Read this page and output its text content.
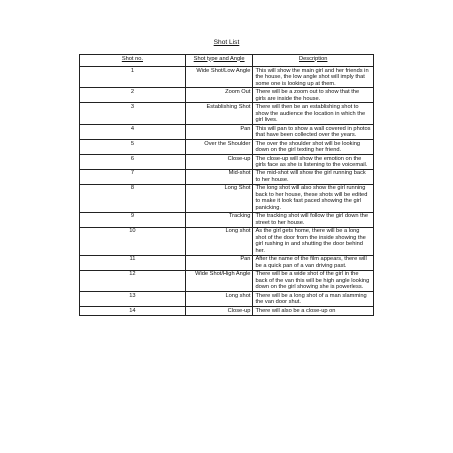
Shot List
Shot no.	Shot type and Angle	Description
1	Wide Shot/Low Angle	This will show the main girl and her friends in the house, the low angle shot will imply that some one is looking up at them.
2	Zoom Out	There will be a zoom out to show that the girls are inside the house.
3	Establishing Shot	There will then be an establishing shot to show the audience the location in which the girl lives.
4	Pan	This will pan to show a wall covered in photos that have been collected over the years.
5	Over the Shoulder	The over the shoulder shot will be looking down on the girl texting her friend.
6	Close-up	The close-up will show the emotion on the girls face as she is listening to the voicemail.
7	Mid-shot	The mid-shot will show the girl running back to her house.
8	Long Shot	The long shot will also show the girl running back to her house, these shots will be edited to make it look fast paced showing the girl panicking.
9	Tracking	The tracking shot will follow the girl down the street to her house.
10	Long shot	As the girl gets home, there will be a long shot of the door from the inside showing the girl rushing in and shutting the door behind her.
11	Pan	After the name of the film appears, there will be a quick pan of a van driving past.
12	Wide Shot/High Angle	There will be a wide shot of the girl in the back of the van this will be high angle looking down on the girl showing she is powerless.
13	Long shot	There will be a long shot of a man slamming the van door shut.
14	Close-up	There will also be a close-up on
